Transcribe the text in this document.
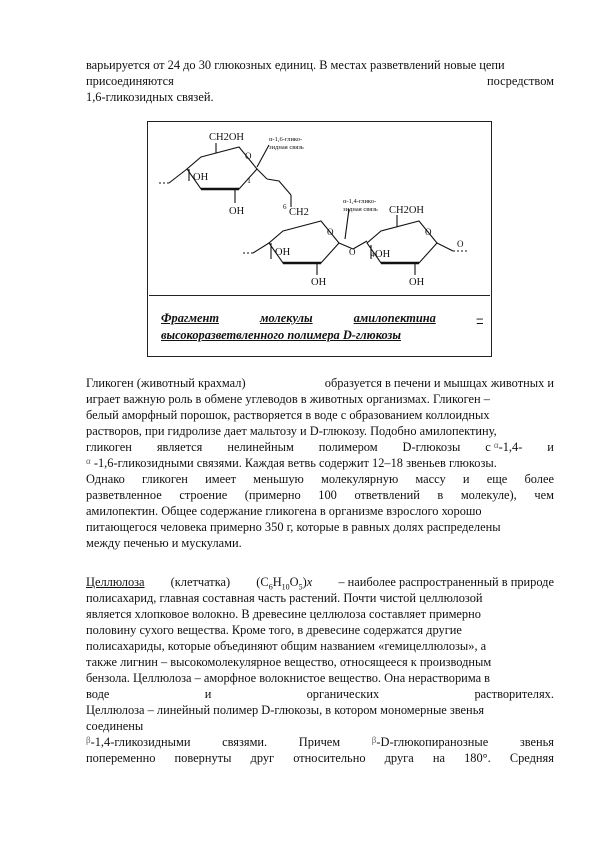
варьируется от 24 до 30 глюкозных единиц. В местах разветвлений новые цепи
присоединяются	посредством
1,6-гликозидных связей.
CH2OH
O
1
OH
OH
α-1,6-глико-
зидная связь
CH2
6
O
OH
OH
O
α-1,4-глико-
зидная связь CH2OH
O
4 OH
OH
O
Фрагмент	молекулы	амилопектина	–
высокоразветвленного полимера D-глюкозы
Гликоген (животный крахмал)	образуется в печени и мышцах животных и
играет важную роль в обмене углеводов в животных организмах. Гликоген –
белый аморфный порошок, растворяется в воде с образованием коллоидных
растворов, при гидролизе дает мальтозу и D-глюкозу. Подобно амилопектину,
гликоген является нелинейным полимером D-глюкозы с $^\alpha$-1,4- и
$^\alpha$ -1,6-гликозидными связями. Каждая ветвь содержит 12–18 звеньев глюкозы.
Однако гликоген имеет меньшую молекулярную массу и еще более
разветвленное строение (примерно 100 ответвлений в молекуле), чем
амилопектин. Общее содержание гликогена в организме взрослого хорошо
питающегося человека примерно 350 г, которые в равных долях распределены
между печенью и мускулами.
Целлюлоза (клетчатка) $(C_6H_{10}O_5)x$ – наиболее распространенный в природе
полисахарид, главная составная часть растений. Почти чистой целлюлозой
является хлопковое волокно. В древесине целлюлоза составляет примерно
половину сухого вещества. Кроме того, в древесине содержатся другие
полисахариды, которые объединяют общим названием «гемицеллюлозы», а
также лигнин – высокомолекулярное вещество, относящееся к производным
бензола. Целлюлоза – аморфное волокнистое вещество. Она нерастворима в
воде	и	органических	растворителях.
Целлюлоза – линейный полимер D-глюкозы, в котором мономерные звенья
соединены
$^\beta$-1,4-гликозидными	связями.	Причем	$^\beta$-D-глюкопиранозные	звенья
попеременно повернуты друг относительно друга на 180°. Средняя
